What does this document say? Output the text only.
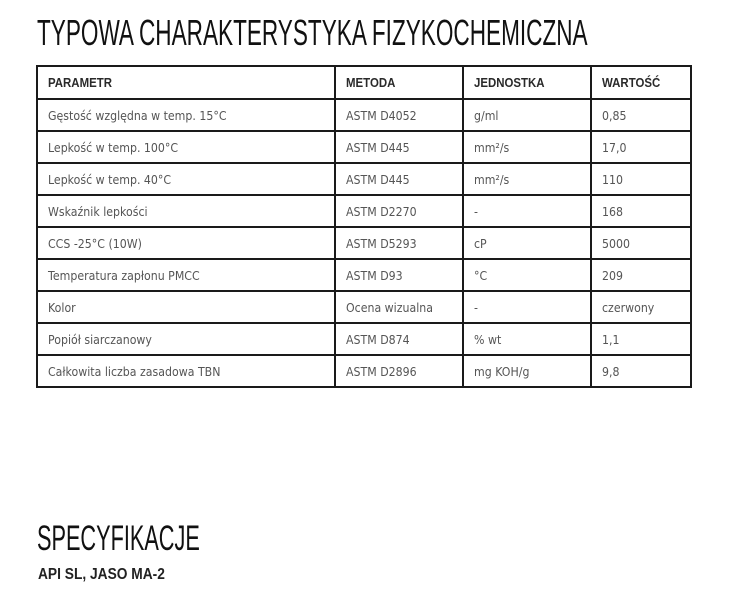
TYPOWA CHARAKTERYSTYKA FIZYKOCHEMICZNA
PARAMETR	METODA	JEDNOSTKA	WARTOŚĆ
Gęstość względna w temp. 15°C	ASTM D4052	g/ml	0,85
Lepkość w temp. 100°C	ASTM D445	mm²/s	17,0
Lepkość w temp. 40°C	ASTM D445	mm²/s	110
Wskaźnik lepkości	ASTM D2270	-	168
CCS -25°C (10W)	ASTM D5293	cP	5000
Temperatura zapłonu PMCC	ASTM D93	°C	209
Kolor	Ocena wizualna	-	czerwony
Popiół siarczanowy	ASTM D874	% wt	1,1
Całkowita liczba zasadowa TBN	ASTM D2896	mg KOH/g	9,8
SPECYFIKACJE
API SL, JASO MA-2
